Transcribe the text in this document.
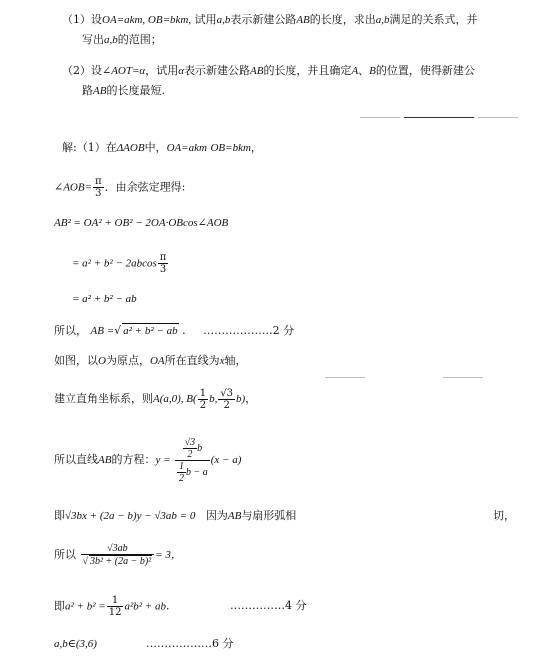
（1）设OA=akm, OB=bkm, 试用a,b表示新建公路AB的长度，求出a,b满足的关系式，并
写出a,b的范围；
（2）设∠AOT=α，试用α表示新建公路AB的长度，并且确定A、B的位置，使得新建公
路AB的长度最短.
解:（1）在ΔAOB中，OA=akm OB=bkm，
∠AOB= $\frac{\pi}{3}$ ．由余弦定理得:
AB² = OA² + OB² − 2OA·OBcos∠AOB
= $a^2 + b^2 - 2abcos \frac{\pi}{3}$
= a² + b² − ab
所以， AB =√ a² + b² − ab . ……………….2 分
如图，以O为原点，OA所在直线为x轴，
建立直角坐标系，则A(a,0), $B( \frac{1}{2} b$, $\frac{√3}{2} b$)，
所以直线AB的方程：$y = \frac{\frac{√3}{2} b}{\frac{1}{2} b - a} (x - a)$
即√3bx + (2a − b)y − √3ab = 0 因为AB与扇形弧相	切，
所以 $\frac{√3ab}{\text{√ 3b² + (2a − b)²}} = 3$，
即$a^2 + b^2 = \frac{1}{12} a^2b^2$ + ab.	……………4 分
a,b∈(3,6)	………………6 分
